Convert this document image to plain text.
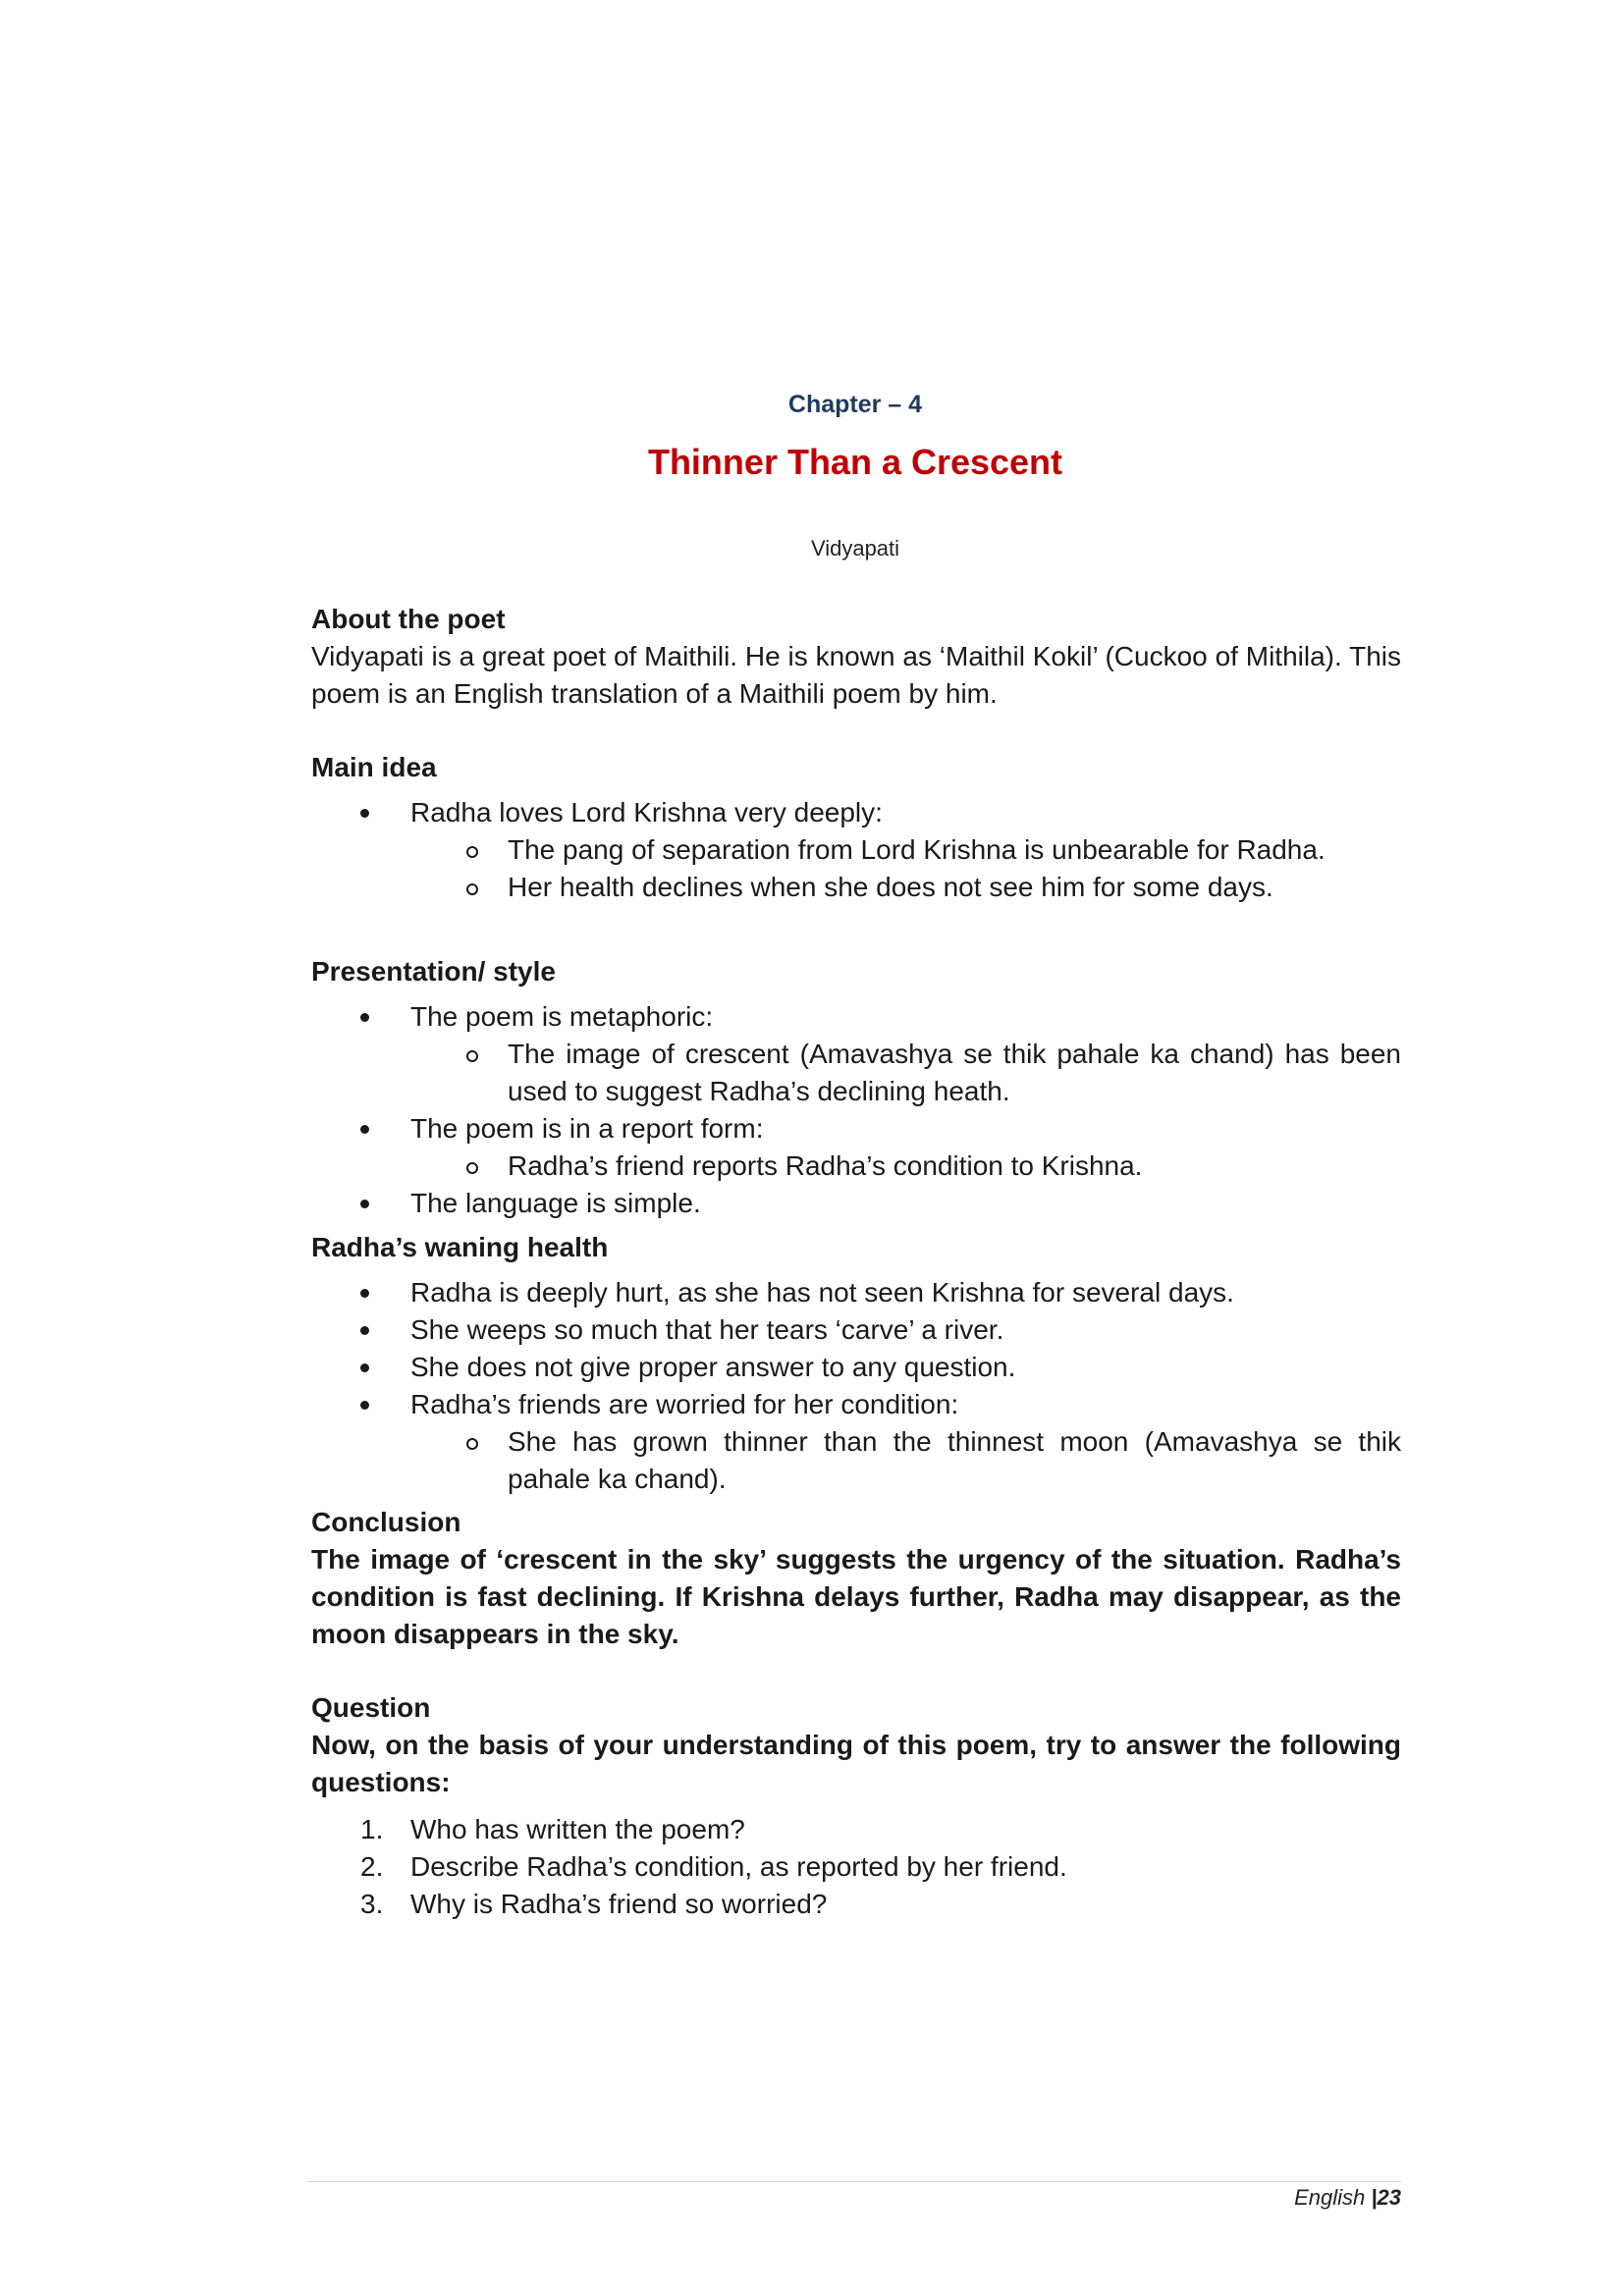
Chapter – 4
Thinner Than a Crescent
Vidyapati

About the poet

Vidyapati is a great poet of Maithili. He is known as ‘Maithil Kokil’ (Cuckoo of Mithila). This poem is an English translation of a Maithili poem by him.

Main idea

Radha loves Lord Krishna very deeply:
The pang of separation from Lord Krishna is unbearable for Radha.
Her health declines when she does not see him for some days.

Presentation/ style

The poem is metaphoric:
The image of crescent (Amavashya se thik pahale ka chand) has been used to suggest Radha’s declining heath.
The poem is in a report form:
Radha’s friend reports Radha’s condition to Krishna.
The language is simple.

Radha’s waning health

Radha is deeply hurt, as she has not seen Krishna for several days.
She weeps so much that her tears ‘carve’ a river.
She does not give proper answer to any question.
Radha’s friends are worried for her condition:
She has grown thinner than the thinnest moon (Amavashya se thik pahale ka chand).

Conclusion

The image of ‘crescent in the sky’ suggests the urgency of the situation. Radha’s condition is fast declining. If Krishna delays further, Radha may disappear, as the moon disappears in the sky.

Question

Now, on the basis of your understanding of this poem, try to answer the following questions:

1. Who has written the poem?
2. Describe Radha’s condition, as reported by her friend.
3. Why is Radha’s friend so worried?
English |23
